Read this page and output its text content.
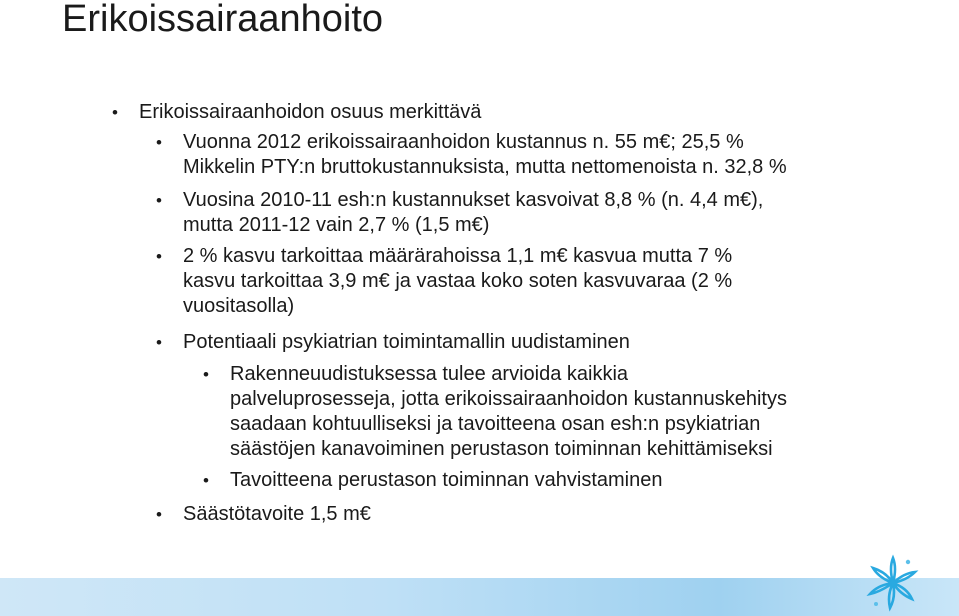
Erikoissairaanhoito
• Erikoissairaanhoidon osuus merkittävä
• Vuonna 2012 erikoissairaanhoidon kustannus n. 55 m€; 25,5 %
Mikkelin PTY:n bruttokustannuksista, mutta nettomenoista n. 32,8 %
• Vuosina 2010-11 esh:n kustannukset kasvoivat 8,8 % (n. 4,4 m€),
mutta 2011-12 vain 2,7 % (1,5 m€)
• 2 % kasvu tarkoittaa määrärahoissa 1,1 m€ kasvua mutta 7 %
kasvu tarkoittaa 3,9 m€ ja vastaa koko soten kasvuvaraa (2 %
vuositasolla)
• Potentiaali psykiatrian toimintamallin uudistaminen
• Rakenneuudistuksessa tulee arvioida kaikkia
palveluprosesseja, jotta erikoissairaanhoidon kustannuskehitys
saadaan kohtuulliseksi ja tavoitteena osan esh:n psykiatrian
säästöjen kanavoiminen perustason toiminnan kehittämiseksi
• Tavoitteena perustason toiminnan vahvistaminen
• Säästötavoite 1,5 m€
